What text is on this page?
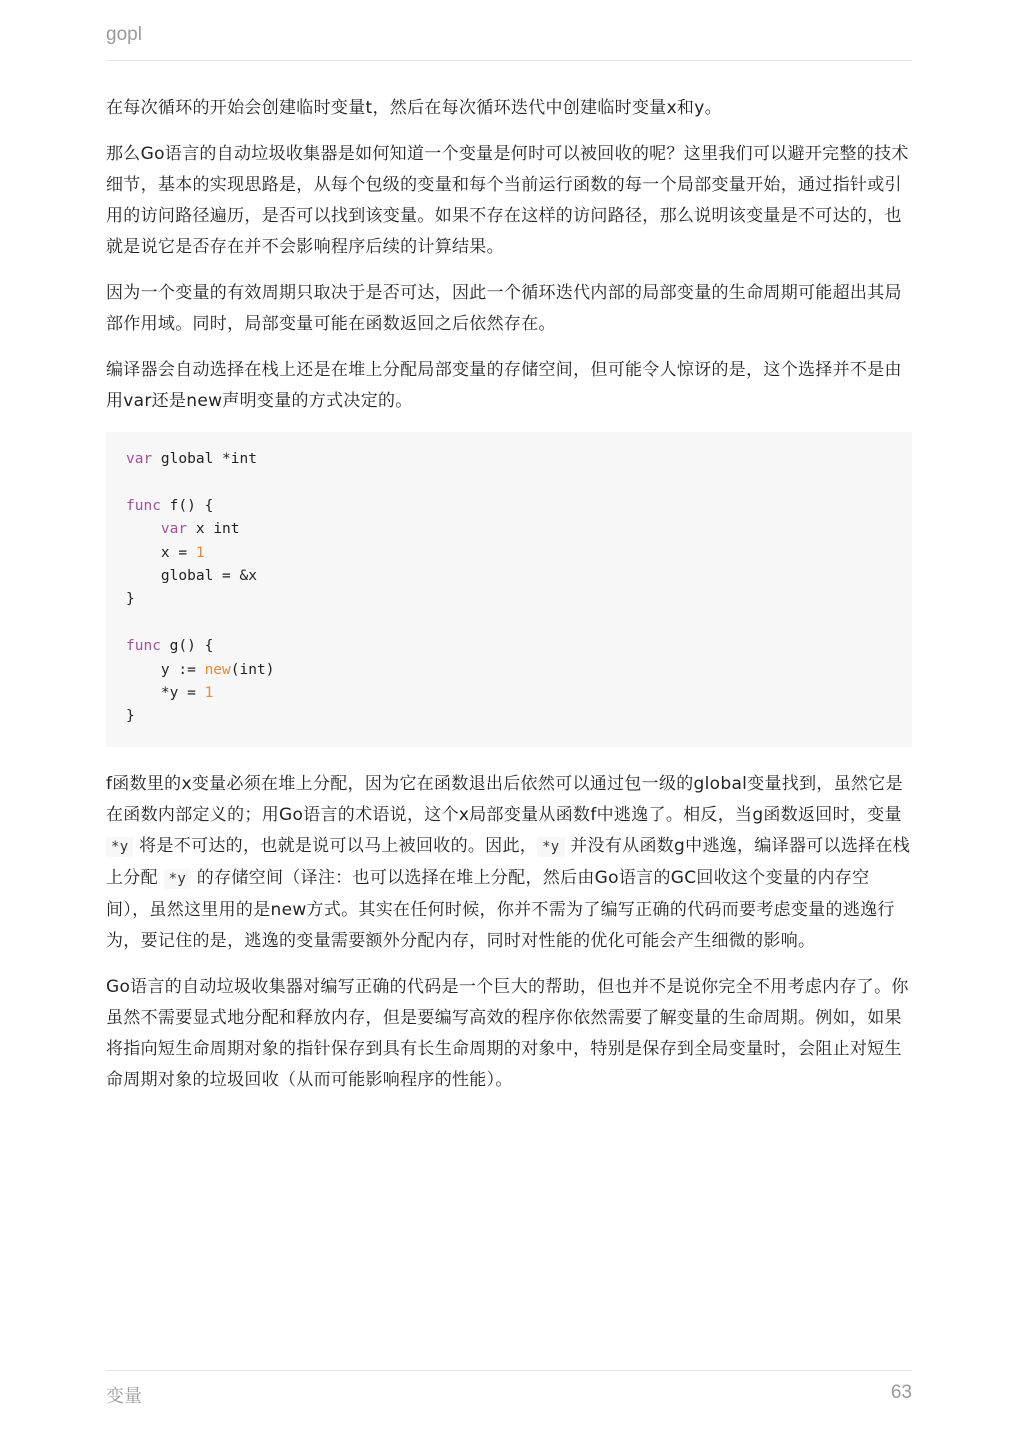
gopl

在每次循环的开始会创建临时变量t，然后在每次循环迭代中创建临时变量x和y。

那么Go语言的自动垃圾收集器是如何知道一个变量是何时可以被回收的呢？这里我们可以避开完整的技术细节，基本的实现思路是，从每个包级的变量和每个当前运行函数的每一个局部变量开始，通过指针或引用的访问路径遍历，是否可以找到该变量。如果不存在这样的访问路径，那么说明该变量是不可达的，也就是说它是否存在并不会影响程序后续的计算结果。

因为一个变量的有效周期只取决于是否可达，因此一个循环迭代内部的局部变量的生命周期可能超出其局部作用域。同时，局部变量可能在函数返回之后依然存在。

编译器会自动选择在栈上还是在堆上分配局部变量的存储空间，但可能令人惊讶的是，这个选择并不是由用var还是new声明变量的方式决定的。

var global *int
func f() {
var x int
x = 1
global = &x
}
func g() {
y := new(int)
*y = 1
}

f函数里的x变量必须在堆上分配，因为它在函数退出后依然可以通过包一级的global变量找到，虽然它是在函数内部定义的；用Go语言的术语说，这个x局部变量从函数f中逃逸了。相反，当g函数返回时，变量 *y 将是不可达的，也就是说可以马上被回收的。因此， *y 并没有从函数g中逃逸，编译器可以选择在栈上分配 *y 的存储空间（译注：也可以选择在堆上分配，然后由Go语言的GC回收这个变量的内存空间），虽然这里用的是new方式。其实在任何时候，你并不需为了编写正确的代码而要考虑变量的逃逸行为，要记住的是，逃逸的变量需要额外分配内存，同时对性能的优化可能会产生细微的影响。

Go语言的自动垃圾收集器对编写正确的代码是一个巨大的帮助，但也并不是说你完全不用考虑内存了。你虽然不需要显式地分配和释放内存，但是要编写高效的程序你依然需要了解变量的生命周期。例如，如果将指向短生命周期对象的指针保存到具有长生命周期的对象中，特别是保存到全局变量时，会阻止对短生命周期对象的垃圾回收（从而可能影响程序的性能）。

变量	63
